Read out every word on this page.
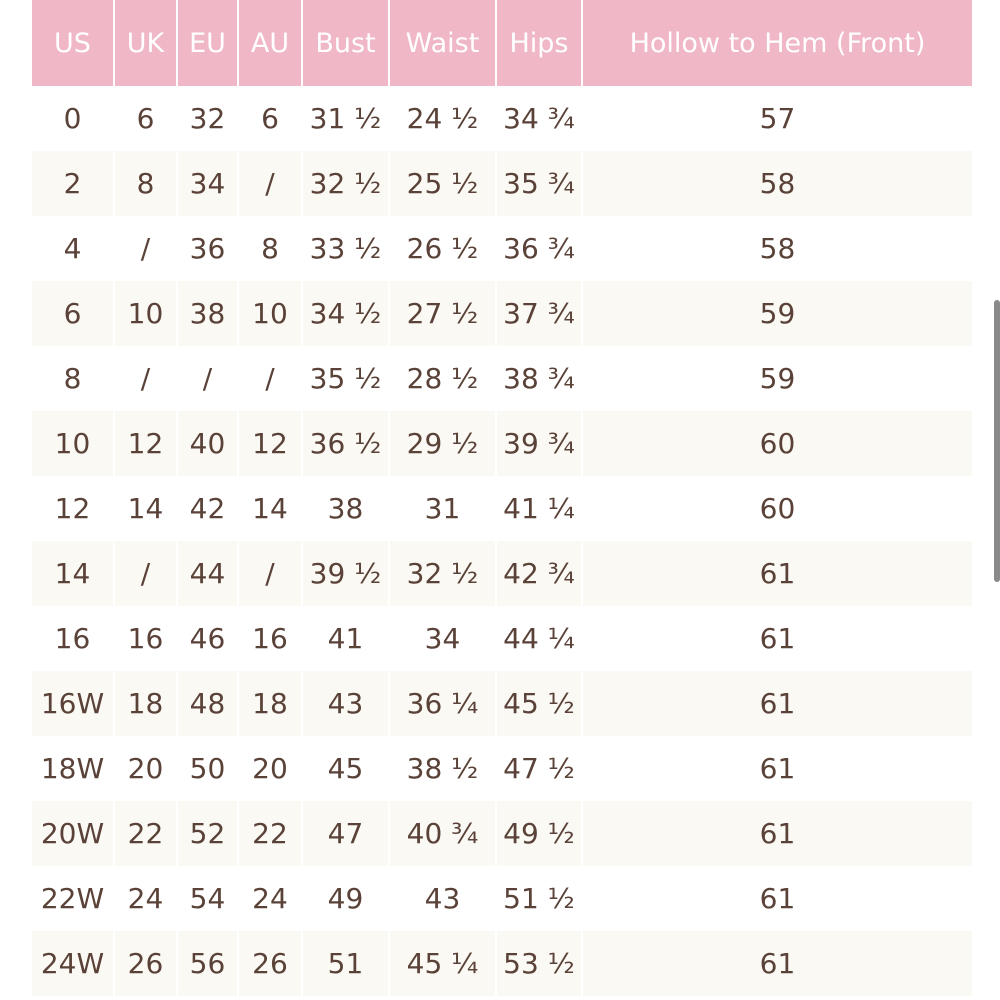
US	UK	EU	AU	Bust	Waist	Hips	Hollow to Hem (Front)
0	6	32	6	31 ½	24 ½	34 ¾	57
2	8	34	/	32 ½	25 ½	35 ¾	58
4	/	36	8	33 ½	26 ½	36 ¾	58
6	10	38	10	34 ½	27 ½	37 ¾	59
8	/	/	/	35 ½	28 ½	38 ¾	59
10	12	40	12	36 ½	29 ½	39 ¾	60
12	14	42	14	38	31	41 ¼	60
14	/	44	/	39 ½	32 ½	42 ¾	61
16	16	46	16	41	34	44 ¼	61
16W	18	48	18	43	36 ¼	45 ½	61
18W	20	50	20	45	38 ½	47 ½	61
20W	22	52	22	47	40 ¾	49 ½	61
22W	24	54	24	49	43	51 ½	61
24W	26	56	26	51	45 ¼	53 ½	61
